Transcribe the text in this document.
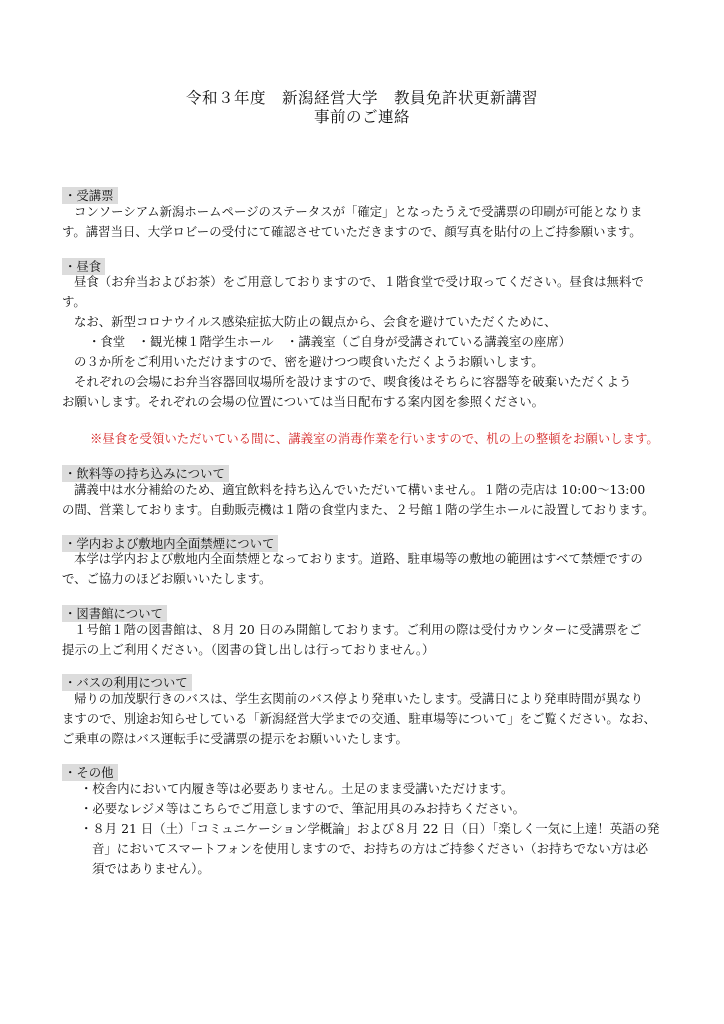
令和３年度　新潟経営大学　教員免許状更新講習
事前のご連絡
・受講票

コンソーシアム新潟ホームページのステータスが「確定」となったうえで受講票の印刷が可能となりま

す。講習当日、大学ロビーの受付にて確認させていただきますので、顔写真を貼付の上ご持参願います。

・昼食

昼食（お弁当およびお茶）をご用意しておりますので、１階食堂で受け取ってください。昼食は無料で

す。

なお、新型コロナウイルス感染症拡大防止の観点から、会食を避けていただくために、

・食堂　・観光棟１階学生ホール　・講義室（ご自身が受講されている講義室の座席）

の３か所をご利用いただけますので、密を避けつつ喫食いただくようお願いします。

それぞれの会場にお弁当容器回収場所を設けますので、喫食後はそちらに容器等を破棄いただくよう

お願いします。それぞれの会場の位置については当日配布する案内図を参照ください。

※昼食を受領いただいている間に、講義室の消毒作業を行いますので、机の上の整頓をお願いします。
・飲料等の持ち込みについて

講義中は水分補給のため、適宜飲料を持ち込んでいただいて構いません。１階の売店は 10:00～13:00

の間、営業しております。自動販売機は１階の食堂内また、２号館１階の学生ホールに設置しております。

・学内および敷地内全面禁煙について

本学は学内および敷地内全面禁煙となっております。道路、駐車場等の敷地の範囲はすべて禁煙ですの

で、ご協力のほどお願いいたします。

・図書館について

１号館１階の図書館は、８月 20 日のみ開館しております。ご利用の際は受付カウンターに受講票をご

提示の上ご利用ください。（図書の貸し出しは行っておりません。）

・バスの利用について

帰りの加茂駅行きのバスは、学生玄関前のバス停より発車いたします。受講日により発車時間が異なり

ますので、別途お知らせしている「新潟経営大学までの交通、駐車場等について」をご覧ください。なお、

ご乗車の際はバス運転手に受講票の提示をお願いいたします。

・その他

・校舎内において内履き等は必要ありません。土足のまま受講いただけます。

・必要なレジメ等はこちらでご用意しますので、筆記用具のみお持ちください。

・８月 21 日（土）「コミュニケーション学概論」および８月 22 日（日）「楽しく一気に上達！英語の発

音」においてスマートフォンを使用しますので、お持ちの方はご持参ください（お持ちでない方は必

須ではありません）。
